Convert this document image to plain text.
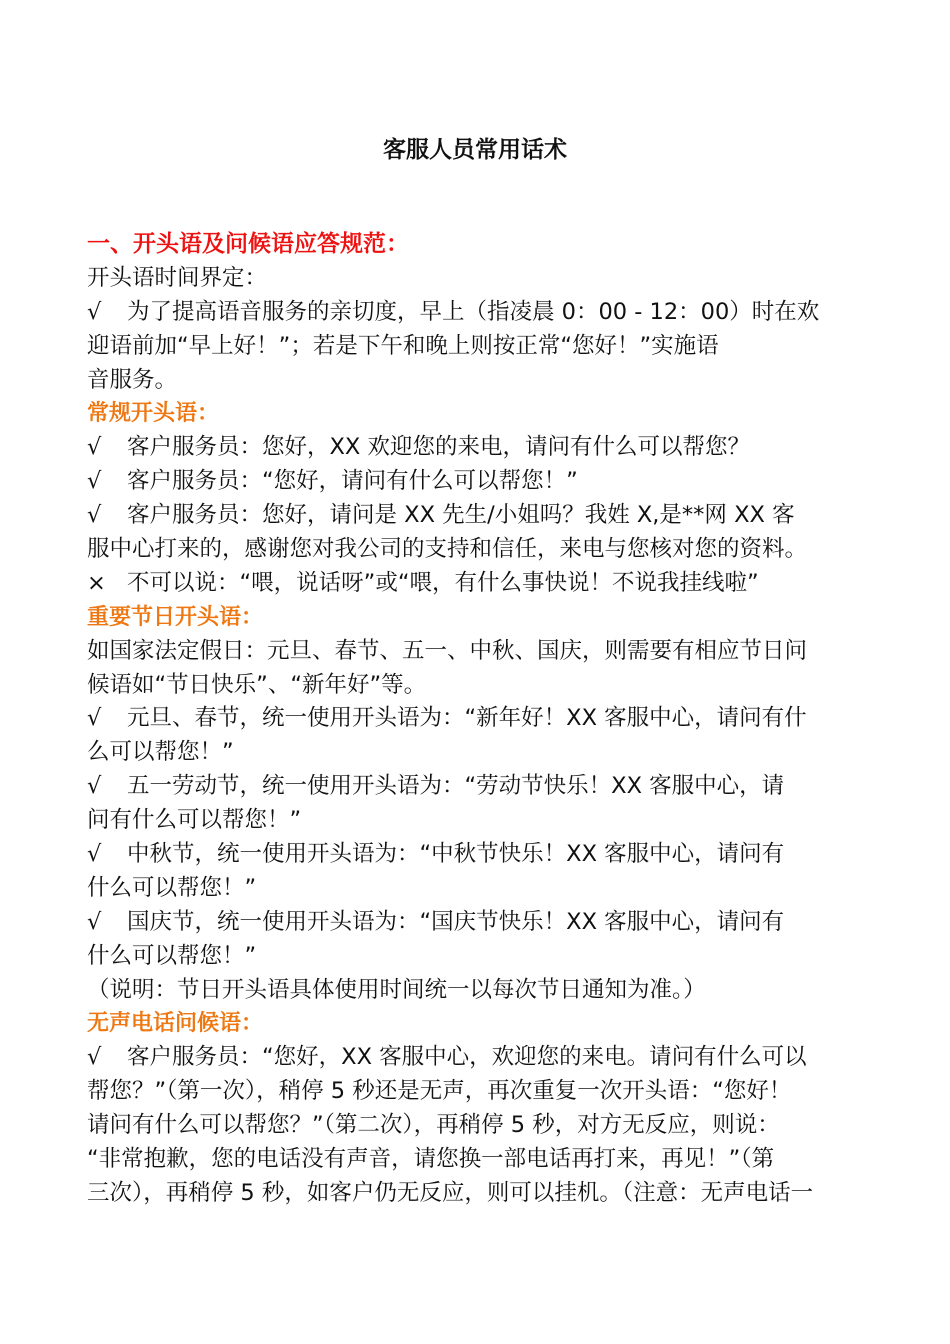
客服人员常用话术
一、开头语及问候语应答规范：
开头语时间界定：
√ 为了提高语音服务的亲切度，早上（指凌晨 0：00 - 12：00）时在欢
迎语前加“早上好！”；若是下午和晚上则按正常“您好！”实施语
音服务。
常规开头语：
√ 客户服务员：您好，XX 欢迎您的来电，请问有什么可以帮您？
√ 客户服务员：“您好，请问有什么可以帮您！”
√ 客户服务员：您好，请问是 XX 先生/小姐吗？我姓 X,是**网 XX 客
服中心打来的，感谢您对我公司的支持和信任，来电与您核对您的资料。
× 不可以说：“喂，说话呀”或“喂，有什么事快说！不说我挂线啦”
重要节日开头语：
如国家法定假日：元旦、春节、五一、中秋、国庆，则需要有相应节日问
候语如“节日快乐”、“新年好”等。
√ 元旦、春节，统一使用开头语为：“新年好！XX 客服中心，请问有什
么可以帮您！”
√ 五一劳动节，统一使用开头语为：“劳动节快乐！XX 客服中心，请
问有什么可以帮您！”
√ 中秋节，统一使用开头语为：“中秋节快乐！XX 客服中心，请问有
什么可以帮您！”
√ 国庆节，统一使用开头语为：“国庆节快乐！XX 客服中心，请问有
什么可以帮您！”
（说明：节日开头语具体使用时间统一以每次节日通知为准。）
无声电话问候语：
√ 客户服务员：“您好，XX 客服中心，欢迎您的来电。请问有什么可以
帮您？”（第一次），稍停 5 秒还是无声，再次重复一次开头语：“您好！
请问有什么可以帮您？”（第二次），再稍停 5 秒，对方无反应，则说：
“非常抱歉，您的电话没有声音，请您换一部电话再打来，再见！”（第
三次），再稍停 5 秒，如客户仍无反应，则可以挂机。（注意：无声电话一
